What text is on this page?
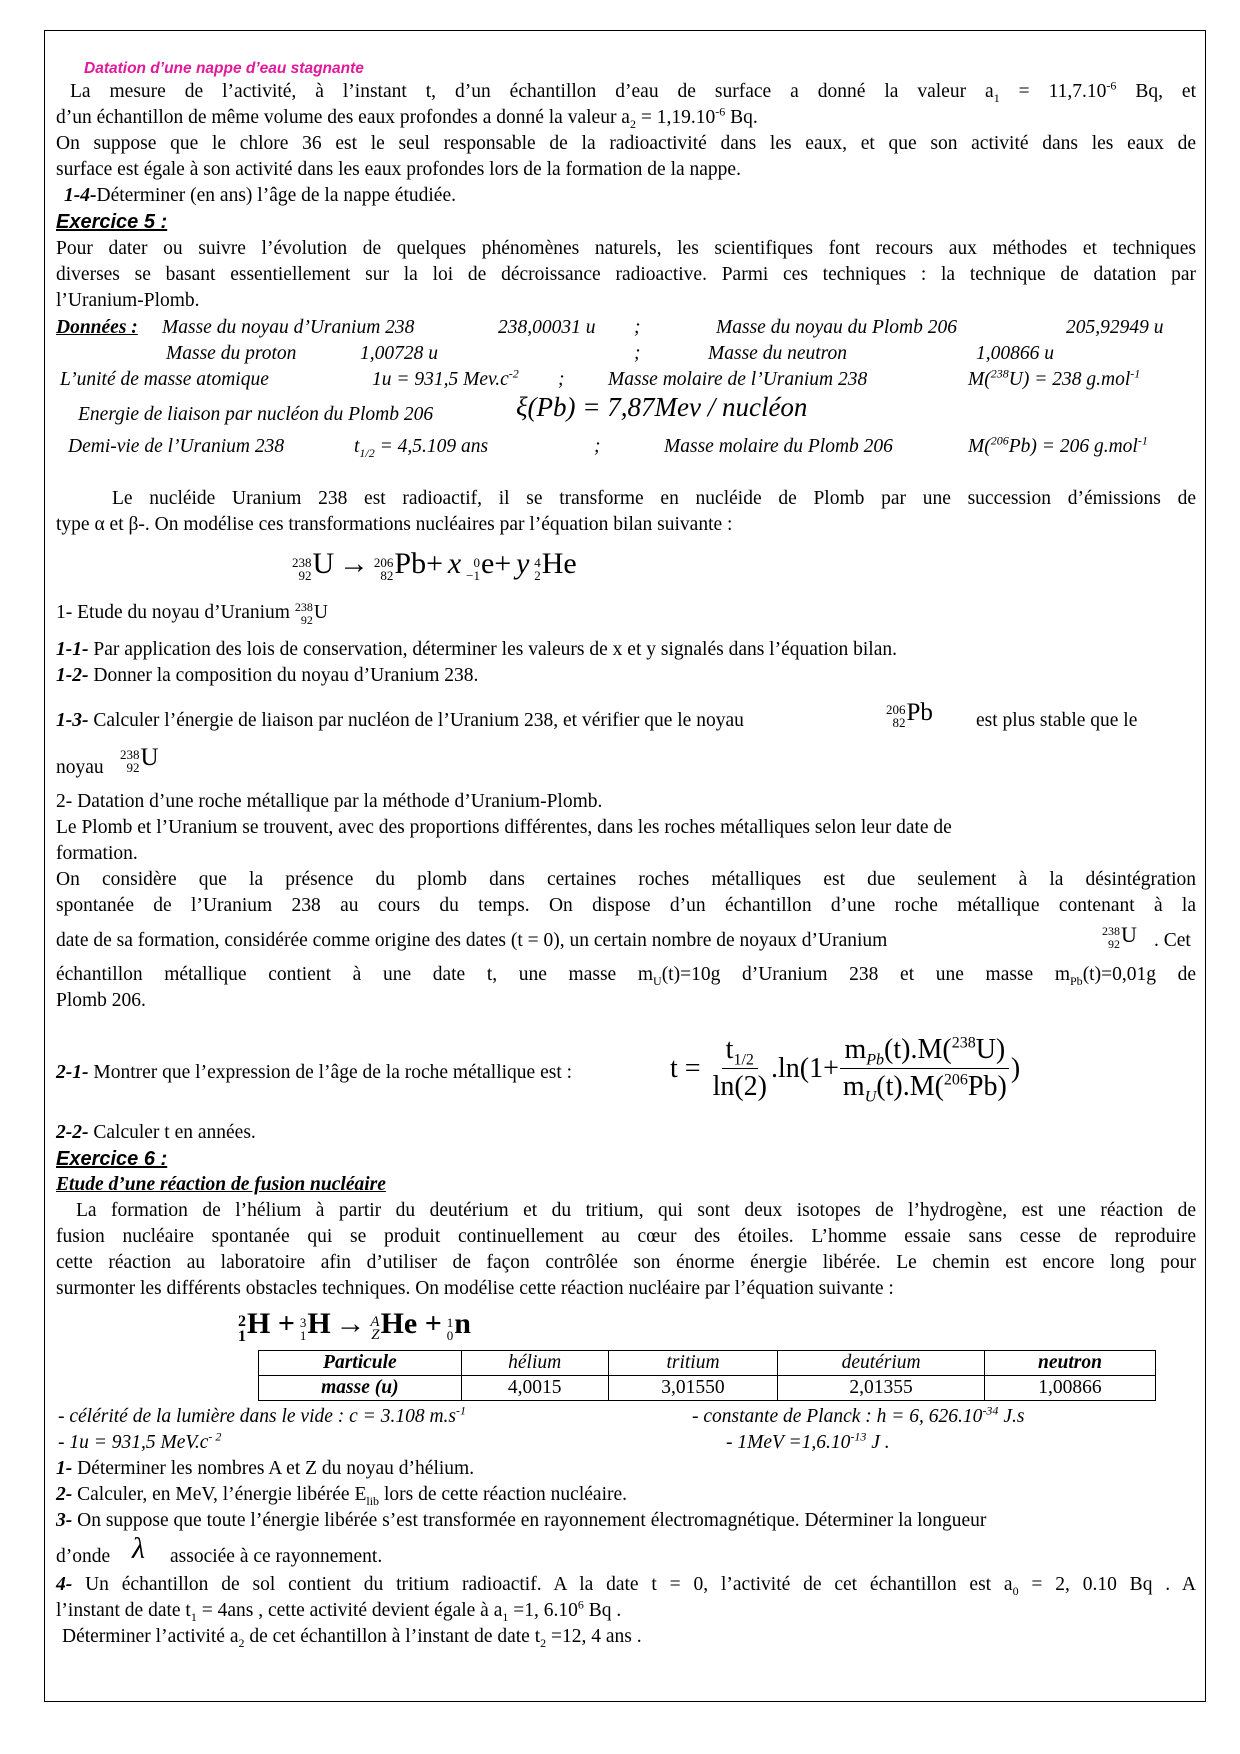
Datation d’une nappe d’eau stagnante
La mesure de l’activité, à l’instant t, d’un échantillon d’eau de surface a donné la valeur $a_1 = 11,7.10^{-6}$ Bq, et
d’un échantillon de même volume des eaux profondes a donné la valeur $a_2 = 1,19.10^{-6}$ Bq.
On suppose que le chlore 36 est le seul responsable de la radioactivité dans les eaux, et que son activité dans les eaux de
surface est égale à son activité dans les eaux profondes lors de la formation de la nappe.
1-4-Déterminer (en ans) l’âge de la nappe étudiée.
Exercice 5 :
Pour dater ou suivre l’évolution de quelques phénomènes naturels, les scientifiques font recours aux méthodes et techniques
diverses se basant essentiellement sur la loi de décroissance radioactive. Parmi ces techniques : la technique de datation par
l’Uranium-Plomb.
Données : Masse du noyau d’Uranium 238	238,00031 u ;	Masse du noyau du Plomb 206	205,92949 u
Masse du proton	1,00728 u	;	Masse du neutron	1,00866 u
L’unité de masse atomique	1u = 931,5 $Mev.c^{-2}$ ; Masse molaire de l’Uranium 238	M($^{238}$U) = 238 g.mol$^{-1}$
Energie de liaison par nucléon du Plomb 206	ξ(Pb) = 7,87Mev / nucléon
Demi-vie de l’Uranium 238	$t_{1/2} = 4,5.109$ ans	;	Masse molaire du Plomb 206	M($^{206}$Pb) = 206 g.mol$^{-1}$
Le nucléide Uranium 238 est radioactif, il se transforme en nucléide de Plomb par une succession d’émissions de
type α et β-. On modélise ces transformations nucléaires par l’équation bilan suivante :
238
92 U → 206
82 Pb+ x 0
−1 e+ y 4
2 He
1- Etude du noyau d’Uranium 238
92 U
1-1- Par application des lois de conservation, déterminer les valeurs de x et y signalés dans l’équation bilan.
1-2- Donner la composition du noyau d’Uranium 238.
1-3- Calculer l’énergie de liaison par nucléon de l’Uranium 238, et vérifier que le noyau
206
82 Pb est plus stable que le
noyau
238
92 U
2- Datation d’une roche métallique par la méthode d’Uranium-Plomb.
Le Plomb et l’Uranium se trouvent, avec des proportions différentes, dans les roches métalliques selon leur date de
formation.
On considère que la présence du plomb dans certaines roches métalliques est due seulement à la désintégration
spontanée de l’Uranium 238 au cours du temps. On dispose d’un échantillon d’une roche métallique contenant à la
date de sa formation, considérée comme origine des dates (t = 0), un certain nombre de noyaux d’Uranium	238
92 U . Cet
échantillon métallique contient à une date t, une masse $m_U(t)=10g$ d’Uranium 238 et une masse $m_{Pb}(t)=0,01g$ de
Plomb 206.
2-1- Montrer que l’expression de l’âge de la roche métallique est :	$t = \frac{t_{1/2}}{\ln(2)} .\ln(1+ \frac{m_{Pb}(t).M(^{238}U)}{m_U(t).M(^{206}Pb)}$ )
2-2- Calculer t en années.
Exercice 6 :
Etude d’une réaction de fusion nucléaire
La formation de l’hélium à partir du deutérium et du tritium, qui sont deux isotopes de l’hydrogène, est une réaction de
fusion nucléaire spontanée qui se produit continuellement au cœur des étoiles. L’homme essaie sans cesse de reproduire
cette réaction au laboratoire afin d’utiliser de façon contrôlée son énorme énergie libérée. Le chemin est encore long pour
surmonter les différents obstacles techniques. On modélise cette réaction nucléaire par l’équation suivante :
2
1 H + 3
1 H → A
Z He + 1
0 n
Particule	hélium	tritium	deutérium	neutron
masse (u)	4,0015	3,01550	2,01355	1,00866
- célérité de la lumière dans le vide : c = 3.108 $m.s^{-1}$	- constante de Planck : h = 6, $626.10^{-34}$ J.s
- 1u = 931,5 $MeV.c^{- 2}$	- $1MeV =1,6.10^{-13}$ J .
1- Déterminer les nombres A et Z du noyau d’hélium.
2- Calculer, en MeV, l’énergie libérée $E_{lib}$ lors de cette réaction nucléaire.
3- On suppose que toute l’énergie libérée s’est transformée en rayonnement électromagnétique. Déterminer la longueur
d’onde λ associée à ce rayonnement.
4- Un échantillon de sol contient du tritium radioactif. A la date t = 0, l’activité de cet échantillon est $a_0 = 2$, 0.10 Bq . A
l’instant de date $t_1 = 4ans$ , cette activité devient égale à $a_1 =1$, 6.10$^6$ Bq .
Déterminer l’activité $a_2$ de cet échantillon à l’instant de date $t_2 =12$, 4 ans .
